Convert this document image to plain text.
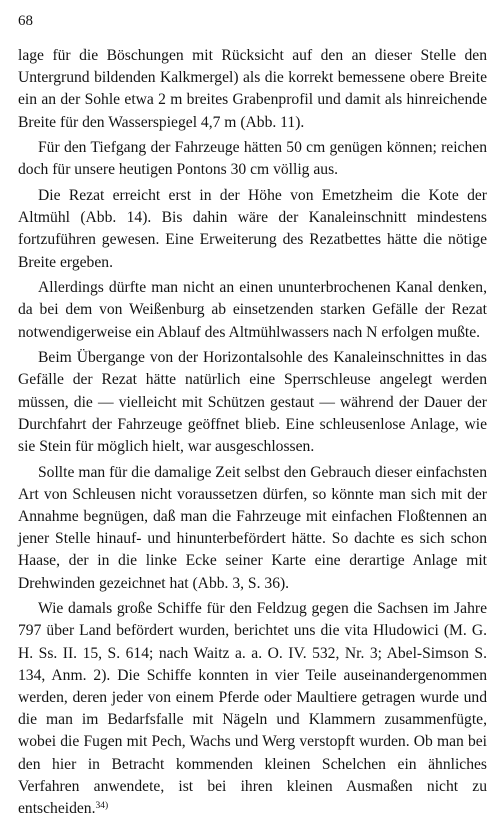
68

lage für die Böschungen mit Rücksicht auf den an dieser Stelle den Untergrund bildenden Kalkmergel) als die korrekt bemessene obere Breite ein an der Sohle etwa 2 m breites Grabenprofil und damit als hinreichende Breite für den Wasserspiegel 4,7 m (Abb. 11).

Für den Tiefgang der Fahrzeuge hätten 50 cm genügen können; reichen doch für unsere heutigen Pontons 30 cm völlig aus.

Die Rezat erreicht erst in der Höhe von Emetzheim die Kote der Altmühl (Abb. 14). Bis dahin wäre der Kanaleinschnitt mindestens fortzuführen gewesen. Eine Erweiterung des Rezatbettes hätte die nötige Breite ergeben.

Allerdings dürfte man nicht an einen ununterbrochenen Kanal denken, da bei dem von Weißenburg ab einsetzenden starken Gefälle der Rezat notwendigerweise ein Ablauf des Altmühlwassers nach N erfolgen mußte.

Beim Übergange von der Horizontalsohle des Kanaleinschnittes in das Gefälle der Rezat hätte natürlich eine Sperrschleuse angelegt werden müssen, die — vielleicht mit Schützen gestaut — während der Dauer der Durchfahrt der Fahrzeuge geöffnet blieb. Eine schleusenlose Anlage, wie sie Stein für möglich hielt, war ausgeschlossen.

Sollte man für die damalige Zeit selbst den Gebrauch dieser einfachsten Art von Schleusen nicht voraussetzen dürfen, so könnte man sich mit der Annahme begnügen, daß man die Fahrzeuge mit einfachen Floßtennen an jener Stelle hinauf- und hinunterbefördert hätte. So dachte es sich schon Haase, der in die linke Ecke seiner Karte eine derartige Anlage mit Drehwinden gezeichnet hat (Abb. 3, S. 36).

Wie damals große Schiffe für den Feldzug gegen die Sachsen im Jahre 797 über Land befördert wurden, berichtet uns die vita Hludowici (M. G. H. Ss. II. 15, S. 614; nach Waitz a. a. O. IV. 532, Nr. 3; Abel-Simson S. 134, Anm. 2). Die Schiffe konnten in vier Teile auseinandergenommen werden, deren jeder von einem Pferde oder Maultiere getragen wurde und die man im Bedarfsfalle mit Nägeln und Klammern zusammenfügte, wobei die Fugen mit Pech, Wachs und Werg verstopft wurden. Ob man bei den hier in Betracht kommenden kleinen Schelchen ein ähnliches Verfahren anwendete, ist bei ihren kleinen Ausmaßen nicht zu entscheiden.$^{34)}$
